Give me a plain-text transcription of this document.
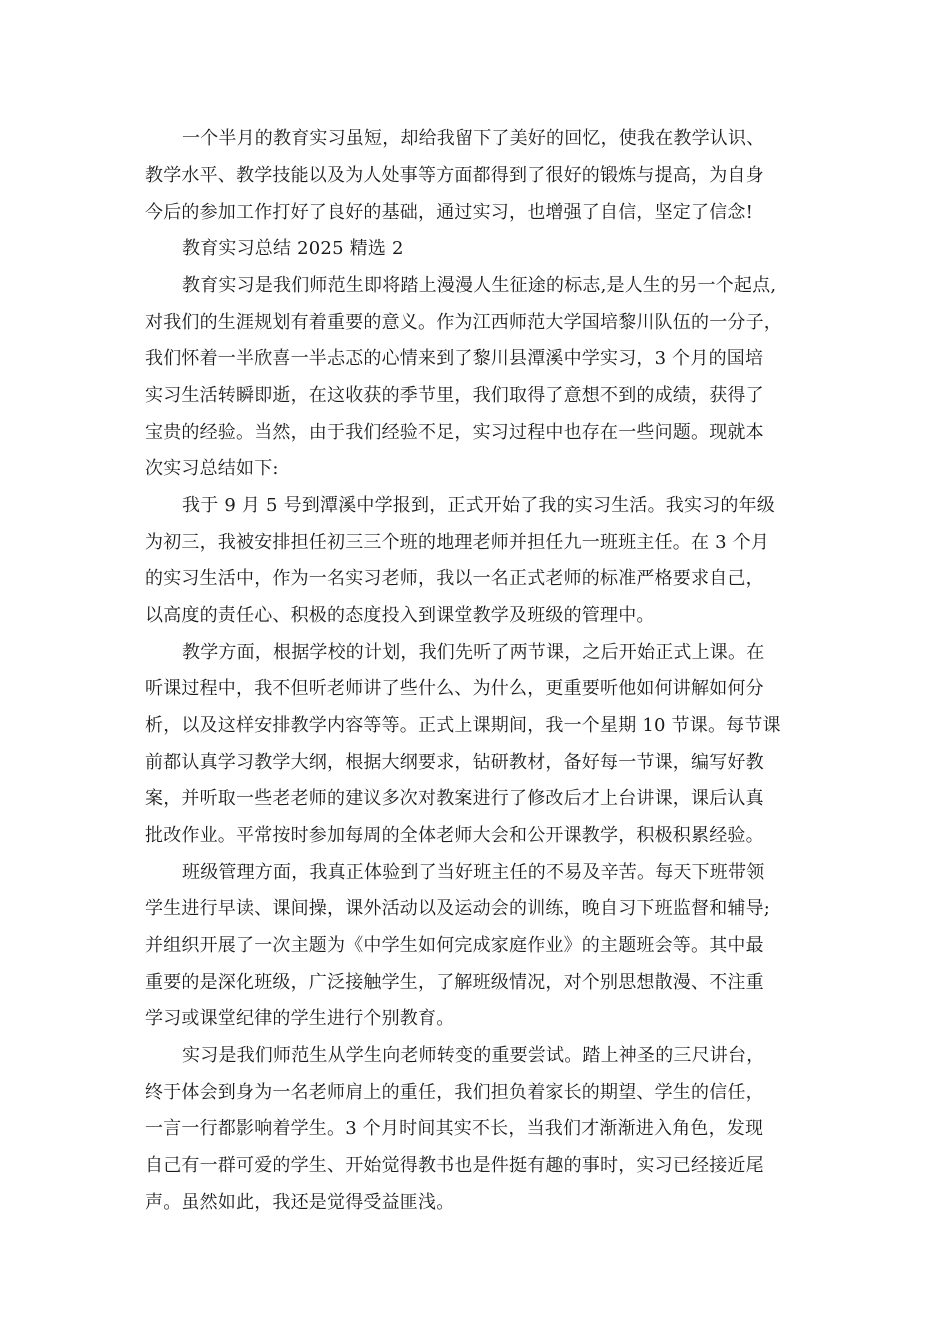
一个半月的教育实习虽短，却给我留下了美好的回忆，使我在教学认识、
教学水平、教学技能以及为人处事等方面都得到了很好的锻炼与提高，为自身
今后的参加工作打好了良好的基础，通过实习，也增强了自信，坚定了信念!
教育实习总结 2025 精选 2
教育实习是我们师范生即将踏上漫漫人生征途的标志,是人生的另一个起点,
对我们的生涯规划有着重要的意义。作为江西师范大学国培黎川队伍的一分子，
我们怀着一半欣喜一半忐忑的心情来到了黎川县潭溪中学实习，3 个月的国培
实习生活转瞬即逝，在这收获的季节里，我们取得了意想不到的成绩，获得了
宝贵的经验。当然，由于我们经验不足，实习过程中也存在一些问题。现就本
次实习总结如下:
我于 9 月 5 号到潭溪中学报到，正式开始了我的实习生活。我实习的年级
为初三，我被安排担任初三三个班的地理老师并担任九一班班主任。在 3 个月
的实习生活中，作为一名实习老师，我以一名正式老师的标准严格要求自己，
以高度的责任心、积极的态度投入到课堂教学及班级的管理中。
教学方面，根据学校的计划，我们先听了两节课，之后开始正式上课。在
听课过程中，我不但听老师讲了些什么、为什么，更重要听他如何讲解如何分
析，以及这样安排教学内容等等。正式上课期间，我一个星期 10 节课。每节课
前都认真学习教学大纲，根据大纲要求，钻研教材，备好每一节课，编写好教
案，并听取一些老老师的建议多次对教案进行了修改后才上台讲课，课后认真
批改作业。平常按时参加每周的全体老师大会和公开课教学，积极积累经验。
班级管理方面，我真正体验到了当好班主任的不易及辛苦。每天下班带领
学生进行早读、课间操，课外活动以及运动会的训练，晚自习下班监督和辅导;
并组织开展了一次主题为《中学生如何完成家庭作业》的主题班会等。其中最
重要的是深化班级，广泛接触学生，了解班级情况，对个别思想散漫、不注重
学习或课堂纪律的学生进行个别教育。
实习是我们师范生从学生向老师转变的重要尝试。踏上神圣的三尺讲台，
终于体会到身为一名老师肩上的重任，我们担负着家长的期望、学生的信任，
一言一行都影响着学生。3 个月时间其实不长，当我们才渐渐进入角色，发现
自己有一群可爱的学生、开始觉得教书也是件挺有趣的事时，实习已经接近尾
声。虽然如此，我还是觉得受益匪浅。
